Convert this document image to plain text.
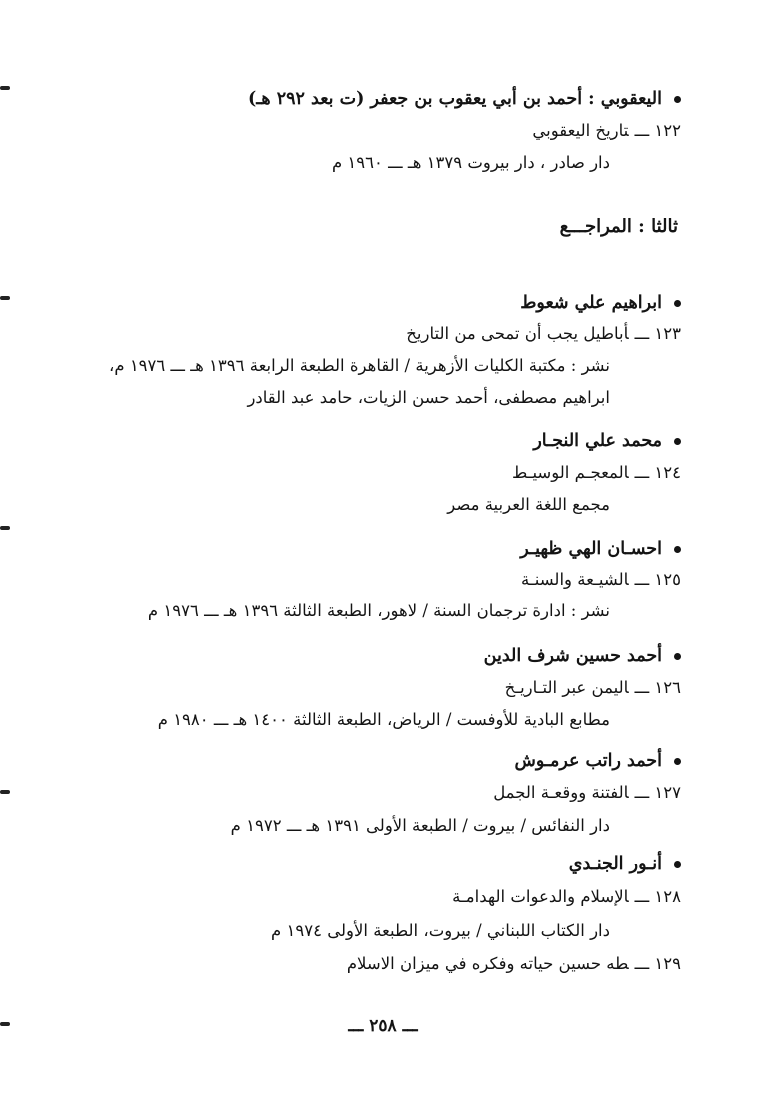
اليعقوبي : أحمد بن أبي يعقوب بن جعفر (ت بعد ٢٩٢ هـ)
١٢٢ ـــتاريخ اليعقوبي
دار صادر ، دار بيروت ١٣٧٩ هـ ـــ ١٩٦٠ م
ثالثا : المراجـــع
ابراهيم علي شعوط
١٢٣ ـــأباطيل يجب أن تمحى من التاريخ
نشر : مكتبة الكليات الأزهرية / القاهرة الطبعة الرابعة ١٣٩٦ هـ ـــ ١٩٧٦ م،
ابراهيم مصطفى، أحمد حسن الزيات، حامد عبد القادر
محمد علي النجـار
١٢٤ ـــالمعجـم الوسيـط
مجمع اللغة العربية مصر
احسـان الهي ظهيـر
١٢٥ ـــالشيـعة والسنـة
نشر : ادارة ترجمان السنة / لاهور، الطبعة الثالثة ١٣٩٦ هـ ـــ ١٩٧٦ م
أحمد حسين شرف الدين
١٢٦ ـــاليمن عبر التـاريـخ
مطابع البادية للأوفست / الرياض، الطبعة الثالثة ١٤٠٠ هـ ـــ ١٩٨٠ م
أحمد راتب عرمـوش
١٢٧ ـــالفتنة ووقعـة الجمل
دار النفائس / بيروت / الطبعة الأولى ١٣٩١ هـ ـــ ١٩٧٢ م
أنـور الجنـدي
١٢٨ ـــالإسلام والدعوات الهدامـة
دار الكتاب اللبناني / بيروت، الطبعة الأولى ١٩٧٤ م
١٢٩ ـــطه حسين حياته وفكره في ميزان الاسلام
ـــ ٢٥٨ ـــ
